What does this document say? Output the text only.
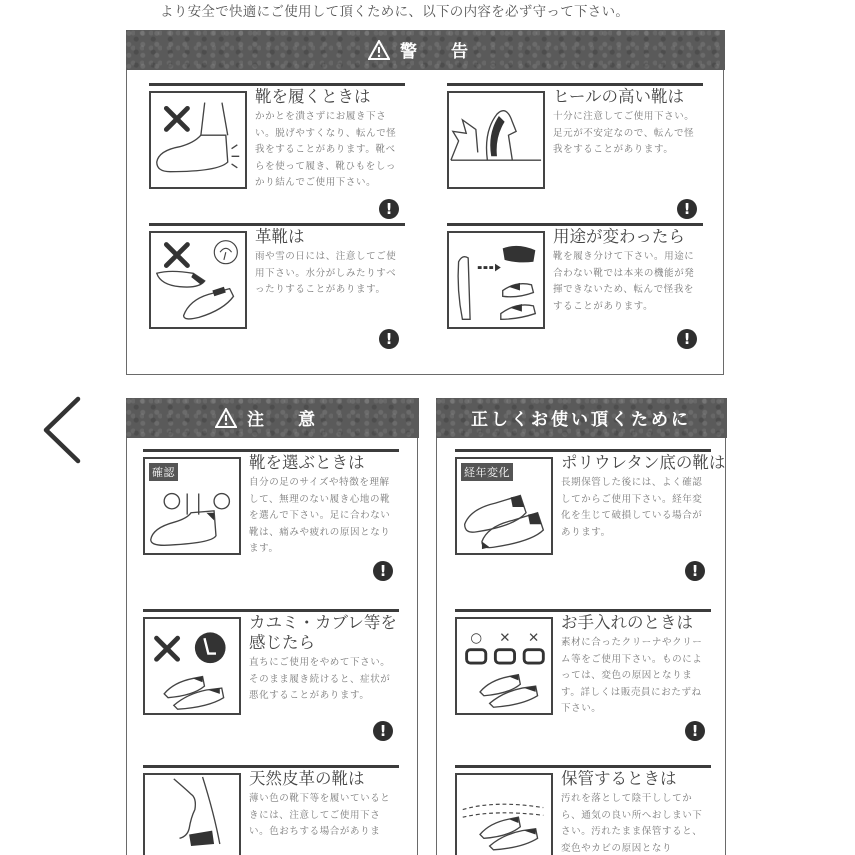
より安全で快適にご使用して頂くために、以下の内容を必ず守って下さい。
警 告
靴を履くときは
かかとを潰さずにお履き下さい。脱げやすくなり、転んで怪我をすることがあります。靴べらを使って履き、靴ひもをしっかり結んでご使用下さい。
!
ヒールの高い靴は
十分に注意してご使用下さい。足元が不安定なので、転んで怪我をすることがあります。
!
革靴は
雨や雪の日には、注意してご使用下さい。水分がしみたりすべったりすることがあります。
!
用途が変わったら
靴を履き分けて下さい。用途に合わない靴では本来の機能が発揮できないため、転んで怪我をすることがあります。
!
注 意
確認
靴を選ぶときは
自分の足のサイズや特徴を理解して、無理のない履き心地の靴を選んで下さい。足に合わない靴は、痛みや疲れの原因となります。
!
カユミ・カブレ等を感じたら
直ちにご使用をやめて下さい。そのまま履き続けると、症状が悪化することがあります。
!
天然皮革の靴は
薄い色の靴下等を履いているときには、注意してご使用下さい。色おちする場合がありま
正しくお使い頂くために
経年変化
ポリウレタン底の靴は
長期保管した後には、よく確認してからご使用下さい。経年変化を生じて破損している場合があります。
!
○ ✕ ✕
お手入れのときは
素材に合ったクリーナやクリーム等をご使用下さい。ものによっては、変色の原因となります。詳しくは販売員におたずね下さい。
!
保管するときは
汚れを落として陰干ししてから、通気の良い所へおしまい下さい。汚れたまま保管すると、変色やカビの原因となり
